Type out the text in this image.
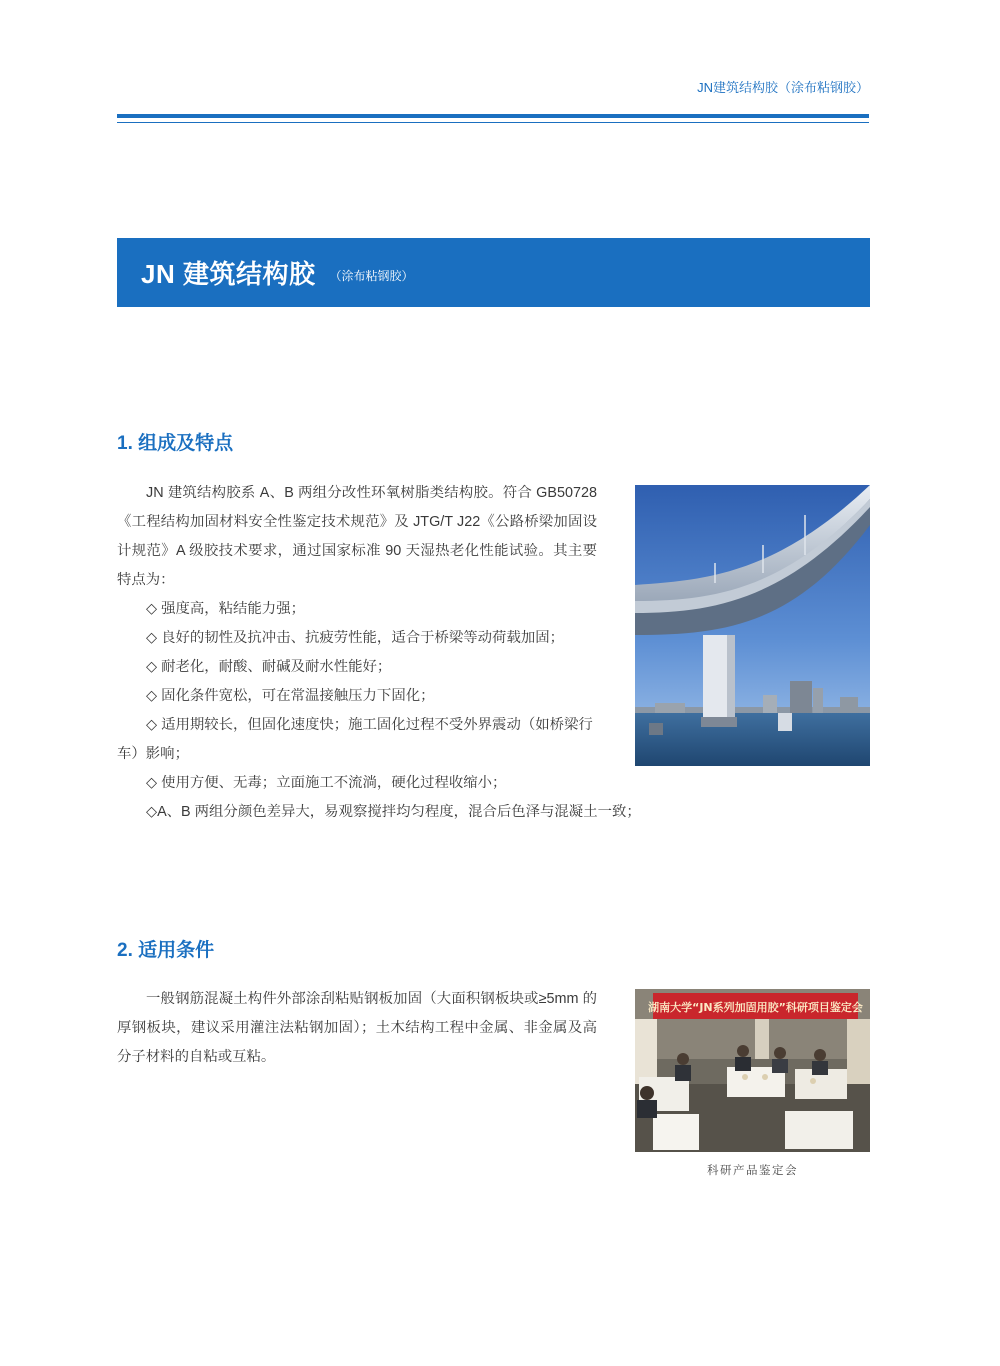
JN建筑结构胶（涂布粘钢胶）
JN 建筑结构胶 （涂布粘钢胶）
1. 组成及特点

JN 建筑结构胶系 A、B 两组分改性环氧树脂类结构胶。符合 GB50728《工程结构加固材料安全性鉴定技术规范》及 JTG/T J22《公路桥梁加固设计规范》A 级胶技术要求，通过国家标准 90 天湿热老化性能试验。其主要特点为：

◇ 强度高，粘结能力强；
◇ 良好的韧性及抗冲击、抗疲劳性能，适合于桥梁等动荷载加固；
◇ 耐老化，耐酸、耐碱及耐水性能好；
◇ 固化条件宽松，可在常温接触压力下固化；
◇ 适用期较长，但固化速度快；施工固化过程不受外界震动（如桥梁行车）影响；
◇ 使用方便、无毒；立面施工不流淌，硬化过程收缩小；
◇A、B 两组分颜色差异大，易观察搅拌均匀程度，混合后色泽与混凝土一致；
2. 适用条件

一般钢筋混凝土构件外部涂刮粘贴钢板加固（大面积钢板块或≥5mm 的厚钢板块，建议采用灌注法粘钢加固）；土木结构工程中金属、非金属及高分子材料的自粘或互粘。

湖南大学“JN系列加固用胶”科研项目鉴定会
科研产品鉴定会
